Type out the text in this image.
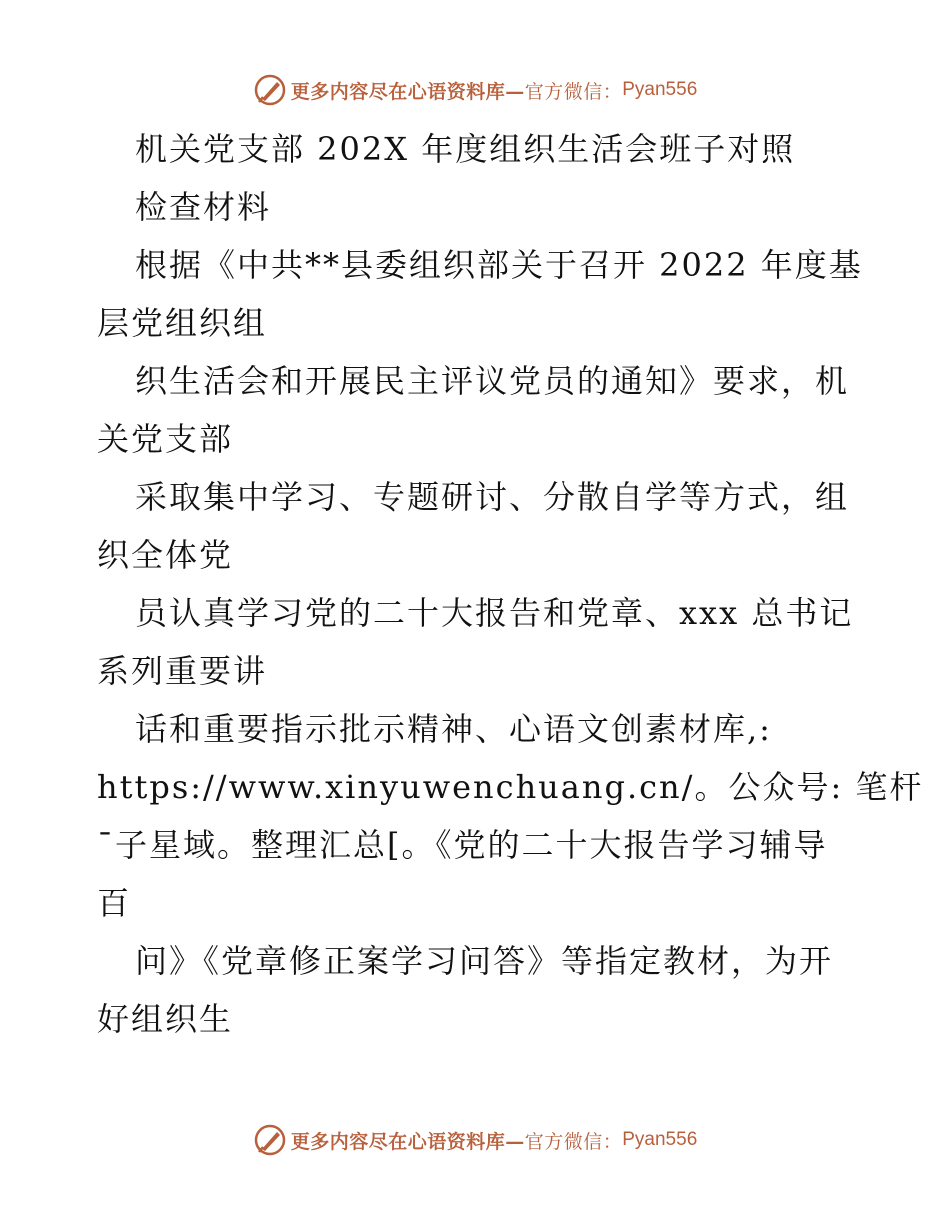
更多内容尽在心语资料库— 官方微信： Pyan556
机关党支部 202X 年度组织生活会班子对照
检查材料
根据《中共**县委组织部关于召开 2022 年度基
层党组织组
织生活会和开展民主评议党员的通知》要求，机
关党支部
采取集中学习、专题研讨、分散自学等方式，组
织全体党
员认真学习党的二十大报告和党章、xxx 总书记
系列重要讲
话和重要指示批示精神、心语文创素材库,:
https://www.xinyuwenchuang.cn/。公众号: 笔杆
¯子星域。整理汇总[。《党的二十大报告学习辅导
百
问》《党章修正案学习问答》等指定教材，为开
好组织生
更多内容尽在心语资料库— 官方微信： Pyan556
